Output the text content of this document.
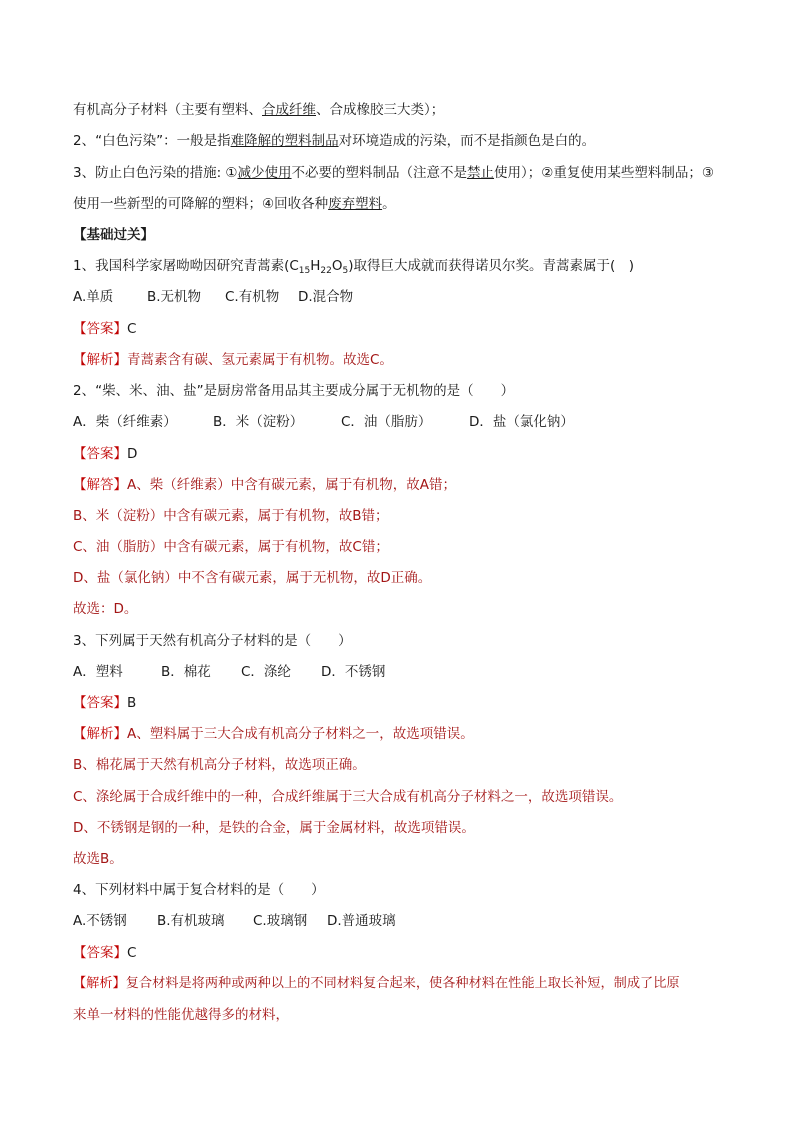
有机高分子材料（主要有塑料、合成纤维、合成橡胶三大类）；
2、“白色污染”：一般是指难降解的塑料制品对环境造成的污染，而不是指颜色是白的。
3、防止白色污染的措施: ①减少使用不必要的塑料制品（注意不是禁止使用）；②重复使用某些塑料制品；③
使用一些新型的可降解的塑料；④回收各种废弃塑料。
【基础过关】
1、我国科学家屠呦呦因研究青蒿素$(C_{15}H_{22}O_5)$取得巨大成就而获得诺贝尔奖。青蒿素属于(　)
A.单质 B.无机物 C.有机物 D.混合物
【答案】C
【解析】青蒿素含有碳、氢元素属于有机物。故选C。
2、“柴、米、油、盐”是厨房常备用品其主要成分属于无机物的是（　　）
A．柴（纤维素）	B．米（淀粉）	C．油（脂肪）	D．盐（氯化钠）
【答案】D
【解答】A、柴（纤维素）中含有碳元素，属于有机物，故A错；
B、米（淀粉）中含有碳元素，属于有机物，故B错；
C、油（脂肪）中含有碳元素，属于有机物，故C错；
D、盐（氯化钠）中不含有碳元素，属于无机物，故D正确。
故选：D。
3、下列属于天然有机高分子材料的是（　　）
A．塑料	B．棉花 C．涤纶 D．不锈钢
【答案】B
【解析】A、塑料属于三大合成有机高分子材料之一，故选项错误。
B、棉花属于天然有机高分子材料，故选项正确。
C、涤纶属于合成纤维中的一种，合成纤维属于三大合成有机高分子材料之一，故选项错误。
D、不锈钢是钢的一种，是铁的合金，属于金属材料，故选项错误。
故选B。
4、下列材料中属于复合材料的是（　　）
A.不锈钢 B.有机玻璃 C.玻璃钢 D.普通玻璃
【答案】C
【解析】复合材料是将两种或两种以上的不同材料复合起来，使各种材料在性能上取长补短，制成了比原
来单一材料的性能优越得多的材料，
